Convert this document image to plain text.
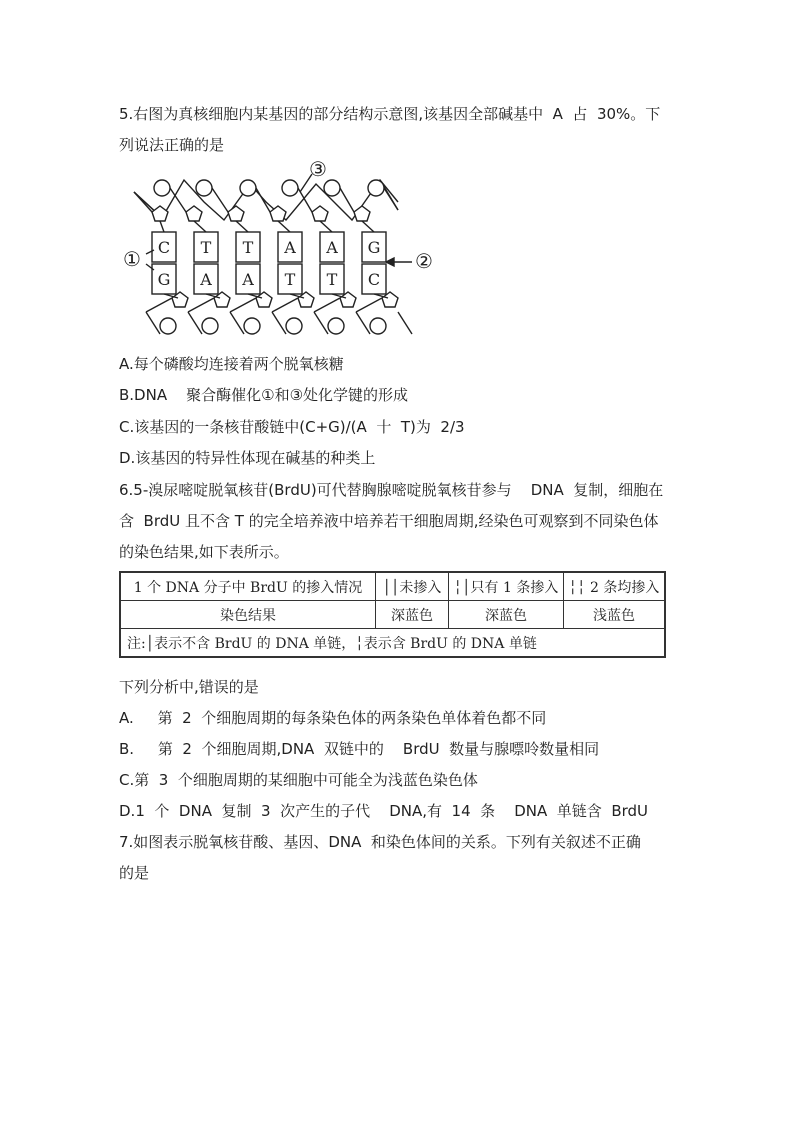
5.右图为真核细胞内某基因的部分结构示意图,该基因全部碱基中  A  占  30%。下
列说法正确的是
C T T A A G
G A A T T C
①	②
③
A.每个磷酸均连接着两个脱氧核糖
B.DNA    聚合酶催化①和③处化学键的形成
C.该基因的一条核苷酸链中(C+G)/(A  十  T)为  2/3
D.该基因的特异性体现在碱基的种类上
6.5-溴尿嘧啶脱氧核苷(BrdU)可代替胸腺嘧啶脱氧核苷参与    DNA  复制，细胞在
含  BrdU 且不含 T 的完全培养液中培养若干细胞周期,经染色可观察到不同染色体
的染色结果,如下表所示。
1 个 DNA 分子中 BrdU 的掺入情况	││未掺入	╎│只有 1 条掺入	╎╎ 2 条均掺入
染色结果	深蓝色	深蓝色	浅蓝色
注:│表示不含 BrdU 的 DNA 单链，╎表示含 BrdU 的 DNA 单链			
下列分析中,错误的是
A.     第  2  个细胞周期的每条染色体的两条染色单体着色都不同
B.     第  2  个细胞周期,DNA  双链中的    BrdU  数量与腺嘌呤数量相同
C.第  3  个细胞周期的某细胞中可能全为浅蓝色染色体
D.1  个  DNA  复制  3  次产生的子代    DNA,有  14  条    DNA  单链含  BrdU
7.如图表示脱氧核苷酸、基因、DNA  和染色体间的关系。下列有关叙述不正确
的是
